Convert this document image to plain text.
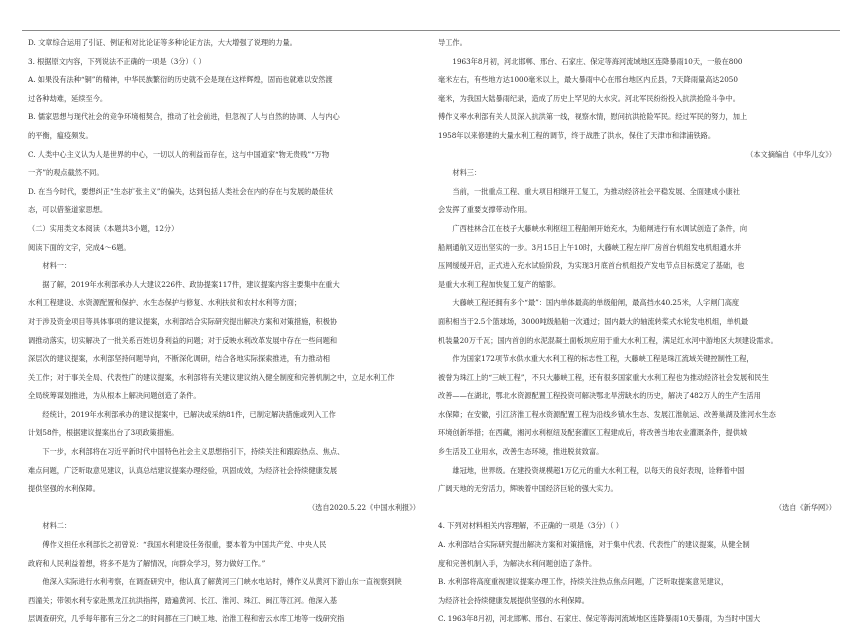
D. 文章综合运用了引证、例证和对比论证等多种论证方法，大大增强了说理的力量。

3. 根据原文内容，下列说法不正确的一项是（3分）（ ）

A. 如果没有法种“铜”的精神，中华民族繁衍的历史就不会是现在这样辉煌，固而也就难以安然渡

过各种劫难，延续至今。

B. 儒家思想与现代社会的竞争环境相契合，推动了社会前进，但忽视了人与自然的协调、人与内心

的平衡，瘟疫频发。

C. 人类中心主义认为人是世界的中心，一切以人的利益而存在，这与中国道家“物无贵贱”“万物

一齐”的观点截然不同。

D. 在当今时代，要想纠正“生态扩张主义”的偏失，达到包括人类社会在内的存在与发展的最佳状

态，可以借鉴道家思想。

（二）实用类文本阅读（本题共3小题，12分）

阅读下面的文字，完成4～6题。

材料一：

据了解，2019年水利部承办人大建议226件、政协提案117件，建议提案内容主要集中在重大

水利工程建设、水资源配置和保护、水生态保护与修复、水利扶贫和农村水利等方面；

对于涉及资金项目等具体事项的建议提案，水利部结合实际研究提出解决方案和对策措施，积极协

调推动落实，切实解决了一批关系百姓切身利益的问题；对于反映水利改革发展中存在一些问题和

深层次的建议提案，水利部坚持问题导向，不断深化调研，结合各地实际探索推进，有力推动相

关工作；对于事关全局、代表性广的建议提案，水利部将有关建议建议纳入健全制度和完善机制之中，立足水利工作

全局统筹谋划推进，为从根本上解决问题创造了条件。

经统计，2019年水利部承办的建议提案中，已解决或采纳81件，已制定解决措施或列入工作

计划58件，根据建议提案出台了3项政策措施。

下一步，水利部将在习近平新时代中国特色社会主义思想指引下，持续关注和跟踪热点、焦点、

难点问题，广泛听取意见建议，认真总结建议提案办理经验，巩固成效，为经济社会持续健康发展

提供坚强的水利保障。

（选自2020.5.22《中国水利报》）

材料二：

傅作义担任水利部长之初曾说：“我国水利建设任务很重，要本着为中国共产党、中央人民

政府和人民利益着想，将多不是为了解情况，向群众学习，努力做好工作。”

他深入实际进行水利考察，在调查研究中，他认真了解黄河三门峡水电站时，傅作义从黄河下游山东一直视察到陕

西潼关；带领水利专家赴黑龙江抗洪指挥，踏遍黄河、长江、淮河、珠江、闽江等江河。他深入基

层调查研究，几乎每年都有三分之二的时间都在三门峡工地、治淮工程和密云水库工地等一线研究指

导工作。

1963年8月初，河北邯郸、邢台、石家庄、保定等海河流域地区连降暴雨10天，一般在800

毫米左右，有些地方达1000毫米以上，最大暴雨中心在邢台地区内丘县，7天降雨量高达2050

毫米，为我国大陆暴雨纪录，造成了历史上罕见的大水灾。河北军民纷纷投入抗洪抢险斗争中。

傅作义率水利部有关人员深入抗洪第一线，视察水情，慰问抗洪抢险军民。经过军民的努力，加上

1958年以来修建的大量水利工程的调节，终于战胜了洪水，保住了天津市和津浦铁路。

（本文摘编自《中华儿女》）

材料三：

当前，一批重点工程、重大项目相继开工复工，为推动经济社会平稳发展、全面建成小康社

会发挥了重要支撑带动作用。

广西桂林合江在枝子大藤峡水利枢纽工程船闸开始充水，为船闸进行有水调试创造了条件，向

船闸通航又迈出坚实的一步。3月15日上午10时，大藤峡工程左岸厂房首台机组发电机组通水并

压网缓缓开启，正式进入充水试验阶段，为实现3月底首台机组投产发电节点目标奠定了基础，也

是重大水利工程加快复工复产的缩影。

大藤峡工程还拥有多个“最”：国内单体最高的单级船闸，最高挡水40.25米，人字闸门高度

面积相当于2.5个篮球场，3000吨级船舶一次通过；国内最大的轴流转桨式水轮发电机组，单机最

机装量20万千瓦；国内首创的水泥混凝土面板坝应用于重大水利工程，满足红水河中游地区大坝建设需求。

作为国家172项节水供水重大水利工程的标志性工程，大藤峡工程是珠江流域关键控制性工程，

被誉为珠江上的“三峡工程”，不只大藤峡工程，还有很多国家重大水利工程也为推动经济社会发展和民生

改善——在湖北，鄂北水资源配置工程投资可解决鄂北旱涝缺水的历史，解决了482万人的生产生活用

水保障；在安徽，引江济淮工程水资源配置工程为沿线乡镇水生态、发展江淮航运、改善巢湖及淮河水生态

环境创新举措；在西藏，湘河水利枢纽及配套灌区工程建成后，将改善当地农业灌溉条件，提供城

乡生活及工业用水，改善生态环境，推进脱贫致富。

雄冠地，世界级。在建投资规模超1万亿元的重大水利工程，以每天的良好表现，诠释着中国

广阔天地的无穷活力，辉映着中国经济巨轮的强大实力。

（选自《新华网》）

4. 下列对材料相关内容理解，不正确的一项是（3分）（ ）

A. 水利部结合实际研究提出解决方案和对策措施，对于集中代表、代表性广的建议提案，从健全制

度和完善机制入手，为解决水利问题创造了条件。

B. 水利部将高度重视建议提案办理工作，持续关注热点焦点问题，广泛听取提案意见建议，

为经济社会持续健康发展提供坚强的水利保障。

C. 1963年8月初，河北邯郸、邢台、石家庄、保定等海河流域地区连降暴雨10天暴雨，为当时中国大
